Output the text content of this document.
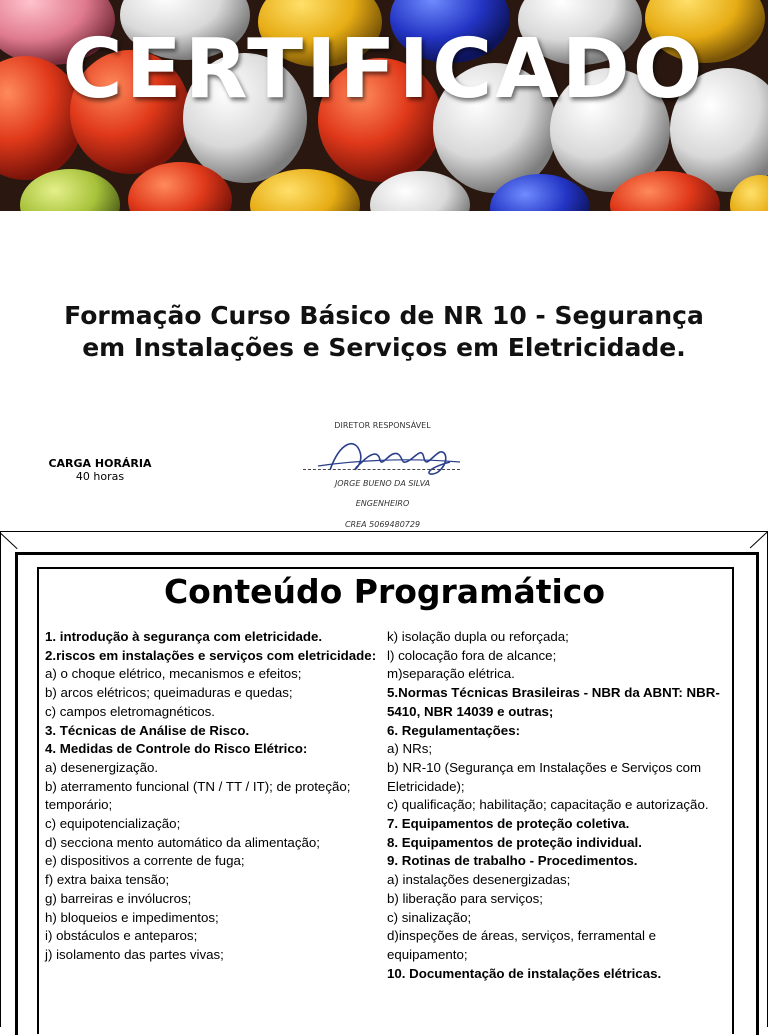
CERTIFICADO
Formação Curso Básico de NR 10 - Segurança
em Instalações e Serviços em Eletricidade.
CARGA HORÁRIA
40 horas
DIRETOR RESPONSÁVEL
JORGE BUENO DA SILVA
ENGENHEIRO
CREA 5069480729
Conteúdo Programático
1. introdução à segurança com eletricidade.
2.riscos em instalações e serviços com eletricidade:
a) o choque elétrico, mecanismos e efeitos;
b) arcos elétricos; queimaduras e quedas;
c) campos eletromagnéticos.
3. Técnicas de Análise de Risco.
4. Medidas de Controle do Risco Elétrico:
a) desenergização.
b) aterramento funcional (TN / TT / IT); de proteção; temporário;
c) equipotencialização;
d) secciona mento automático da alimentação;
e) dispositivos a corrente de fuga;
f) extra baixa tensão;
g) barreiras e invólucros;
h) bloqueios e impedimentos;
i) obstáculos e anteparos;
j) isolamento das partes vivas;
k) isolação dupla ou reforçada;
l) colocação fora de alcance;
m)separação elétrica.
5.Normas Técnicas Brasileiras - NBR da ABNT: NBR-5410, NBR 14039 e outras;
6. Regulamentações:
a) NRs;
b) NR-10 (Segurança em Instalações e Serviços com Eletricidade);
c) qualificação; habilitação; capacitação e autorização.
7. Equipamentos de proteção coletiva.
8. Equipamentos de proteção individual.
9. Rotinas de trabalho - Procedimentos.
a) instalações desenergizadas;
b) liberação para serviços;
c) sinalização;
d)inspeções de áreas, serviços, ferramental e equipamento;
10. Documentação de instalações elétricas.
